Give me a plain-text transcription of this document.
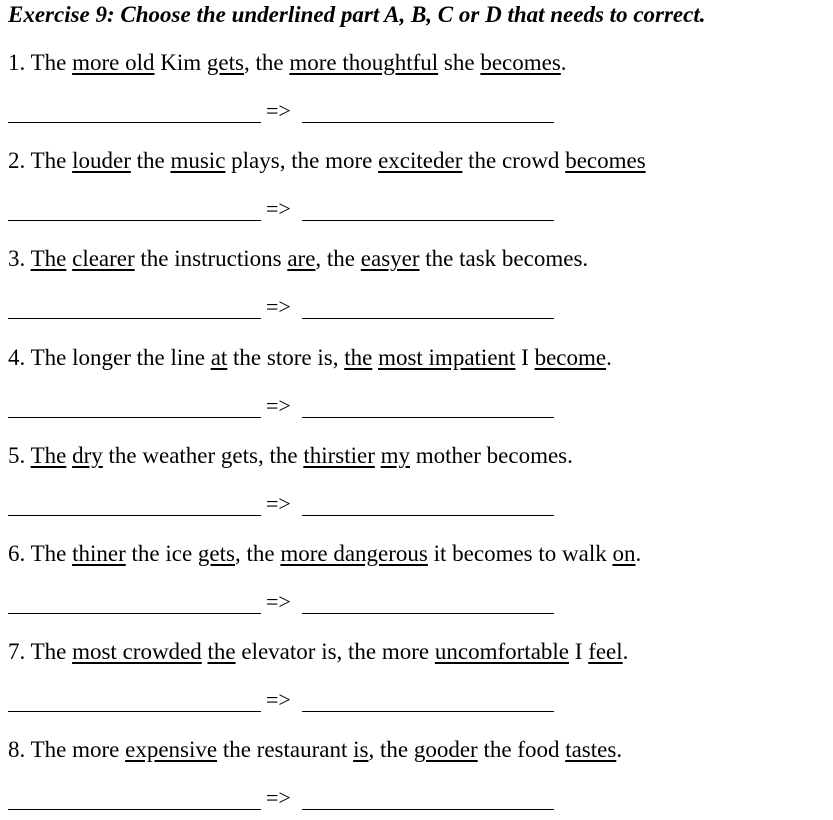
Exercise 9: Choose the underlined part A, B, C or D that needs to correct.
1. The more old Kim gets, the more thoughtful she becomes.
=>
2. The louder the music plays, the more exciteder the crowd becomes
=>
3. The clearer the instructions are, the easyer the task becomes.
=>
4. The longer the line at the store is, the most impatient I become.
=>
5. The dry the weather gets, the thirstier my mother becomes.
=>
6. The thiner the ice gets, the more dangerous it becomes to walk on.
=>
7. The most crowded the elevator is, the more uncomfortable I feel.
=>
8. The more expensive the restaurant is, the gooder the food tastes.
=>
